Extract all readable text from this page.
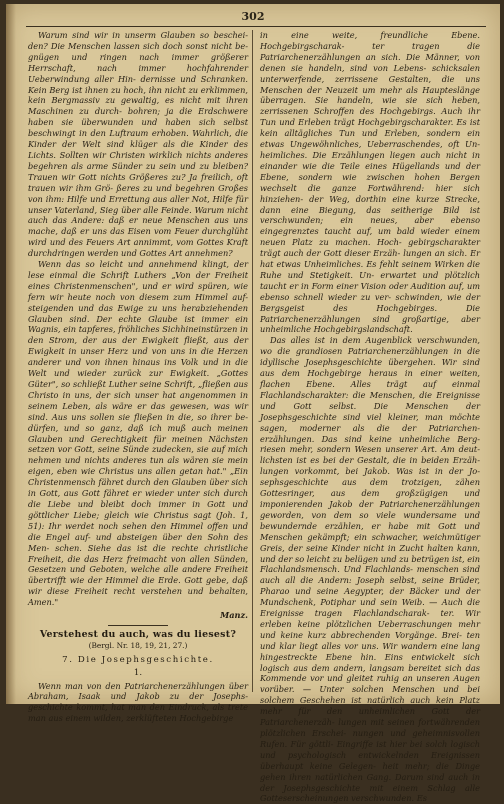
302

Warum sind wir in unserm Glauben so beschei- den? Die Menschen lassen sich doch sonst nicht be- gnügen und ringen nach immer größerer Herrschaft, nach immer hochfahrender Ueberwindung aller Hin- dernisse und Schranken. Kein Berg ist ihnen zu hoch, ihn nicht zu erklimmen, kein Bergmassiv zu gewaltig, es nicht mit ihren Maschinen zu durch- bohren; ja die Erdschwere haben sie überwunden und haben sich selbst beschwingt in den Luftraum erhoben. Wahrlich, die Kinder der Welt sind klüger als die Kinder des Lichts. Sollten wir Christen wirklich nichts anderes begehren als arme Sünder zu sein und zu bleiben? Trauen wir Gott nichts Größeres zu? Ja freilich, oft trauen wir ihm Grö- ßeres zu und begehren Großes von ihm: Hilfe und Errettung aus aller Not, Hilfe für unser Vaterland, Sieg über alle Feinde. Warum nicht auch das Andere: daß er neue Menschen aus uns mache, daß er uns das Eisen vom Feuer durchglüht wird und des Feuers Art annimmt, vom Gottes Kraft durchdringen werden und Gottes Art annehmen?

Wenn das so leicht und annehmend klingt, der lese einmal die Schrift Luthers „Von der Freiheit eines Christenmenschen", und er wird spüren, wie fern wir heute noch von diesem zum Himmel auf- steigenden und das Ewige zu uns herabziehenden Glauben sind. Der echte Glaube ist immer ein Wagnis, ein tapferes, fröhliches Sichhineinstürzen in den Strom, der aus der Ewigkeit fließt, aus der Ewigkeit in unser Herz und von uns in die Herzen anderer und von ihnen hinaus ins Volk und in die Welt und wieder zurück zur Ewigkeit. „Gottes Güter", so schließt Luther seine Schrift, „fließen aus Christo in uns, der sich unser hat angenommen in seinem Leben, als wäre er das gewesen, was wir sind. Aus uns sollen sie fließen in die, so ihrer be- dürfen, und so ganz, daß ich muß auch meinen Glauben und Gerechtigkeit für meinen Nächsten setzen vor Gott, seine Sünde zudecken, sie auf mich nehmen und nichts anderes tun als wären sie mein eigen, eben wie Christus uns allen getan hat." „Ein Christenmensch fähret durch den Glauben über sich in Gott, aus Gott fähret er wieder unter sich durch die Liebe und bleibt doch immer in Gott und göttlicher Liebe; gleich wie Christus sagt (Joh. 1, 51): Ihr werdet noch sehen den Himmel offen und die Engel auf- und absteigen über den Sohn des Men- schen. Siehe das ist die rechte christliche Freiheit, die das Herz freimacht von allen Sünden, Gesetzen und Geboten, welche alle andere Freiheit übertrifft wie der Himmel die Erde. Gott gebe, daß wir diese Freiheit recht verstehen und behalten, Amen."

Manz.
Verstehest du auch, was du liesest?
(Bergl. Nr. 18, 19, 21, 27.)
7. Die Josephsgeschichte.
1.

Wenn man von den Patriarchenerzählungen über Abraham, Isaak und Jakob zu der Josephs- geschichte kommt, hat man den Eindruck, als trete man aus einem wilden, zerklüfteten Hochgebirge

in eine weite, freundliche Ebene. Hochgebirgscharak- ter tragen die Patriarchenerzählungen an sich. Die Männer, von denen sie handeln, sind von Lebens- schicksalen unterwerfende, zerrissene Gestalten, die uns Menschen der Neuzeit um mehr als Haupteslänge überragen. Sie handeln, wie sie sich heben, zerrissenen Schroffen des Hochgebirgs. Auch ihr Tun und Erleben trägt Hochgebirgscharakter. Es ist kein alltägliches Tun und Erleben, sondern ein etwas Ungewöhnliches, Ueberraschendes, oft Un- heimliches. Die Erzählungen liegen auch nicht in einander wie die Teile eines Hügellands und der Ebene, sondern wie zwischen hohen Bergen wechselt die ganze Fortwährend: hier sich hinziehen- der Weg, dorthin eine kurze Strecke, dann eine Biegung, das seitherige Bild ist verschwunden; ein neues, aber ebenso eingegrenztes taucht auf, um bald wieder einem neuen Platz zu machen. Hoch- gebirgscharakter trägt auch der Gott dieser Erzäh- lungen an sich. Er hat etwas Unheimliches. Es fehlt seinem Wirken die Ruhe und Stetigkeit. Un- erwartet und plötzlich taucht er in Form einer Vision oder Audition auf, um ebenso schnell wieder zu ver- schwinden, wie der Bergsgeist des Hochgebirges. Die Patriarchenerzählungen sind großartige, aber unheimliche Hochgebirgslandschaft.

Das alles ist in dem Augenblick verschwunden, wo die grandiosen Patriarchenerzählungen in die idyllische Josephsgeschichte übergehen. Wir sind aus dem Hochgebirge heraus in einer weiten, flachen Ebene. Alles trägt auf einmal Flachlandscharakter: die Menschen, die Ereignisse und Gott selbst. Die Menschen der Josephsgeschichte sind viel kleiner, man möchte sagen, moderner als die der Patriarchen- erzählungen. Das sind keine unheimliche Berg- riesen mehr, sondern Wesen unserer Art. Am deut- lichsten ist es bei der Gestalt, die in beiden Erzäh- lungen vorkommt, bei Jakob. Was ist in der Jo- sephsgeschichte aus dem trotzigen, zähen Gottesringer, aus dem großzügigen und imponierenden Jakob der Patriarchenerzählungen geworden, von dem so viele wundersame und bewundernde erzählen, er habe mit Gott und Menschen gekämpft; ein schwacher, weichmütiger Greis, der seine Kinder nicht in Zucht halten kann, und der so leicht zu belügen und zu betrügen ist, ein Flachlandsmensch. Und Flachlands- menschen sind auch all die Andern: Joseph selbst, seine Brüder, Pharao und seine Aegypter, der Bäcker und der Mundschenk, Potiphar und sein Weib. — Auch die Ereignisse tragen Flachlandscharak- ter. Wir erleben keine plötzlichen Ueberraschungen mehr und keine kurz abbrechenden Vorgänge. Brei- ten und klar liegt alles vor uns. Wir wandern eine lang hingestreckte Ebene hin. Eins entwickelt sich logisch aus dem andern, langsam bereitet sich das Kommende vor und gleitet ruhig an unseren Augen vorüber. — Unter solchen Menschen und bei solchem Geschehen ist natürlich auch kein Platz mehr für den unheimlichen Gott der Patriarchenerzäh- lungen mit seinen fortwährenden plötzlichen Erschei- nungen und geheimnisvollen Rufen. Für göttli- Eingriffe ist hier bei solch logisch und psychologisch entwickelnden Ereignissen überhaupt keine Gelegen- heit mehr; die Dinge gehen ihren natürlichen Gang. Darum sind auch in der Josephsgeschichte mit einem Schlag alle Gotteserscheinungen verschwunden. Es
